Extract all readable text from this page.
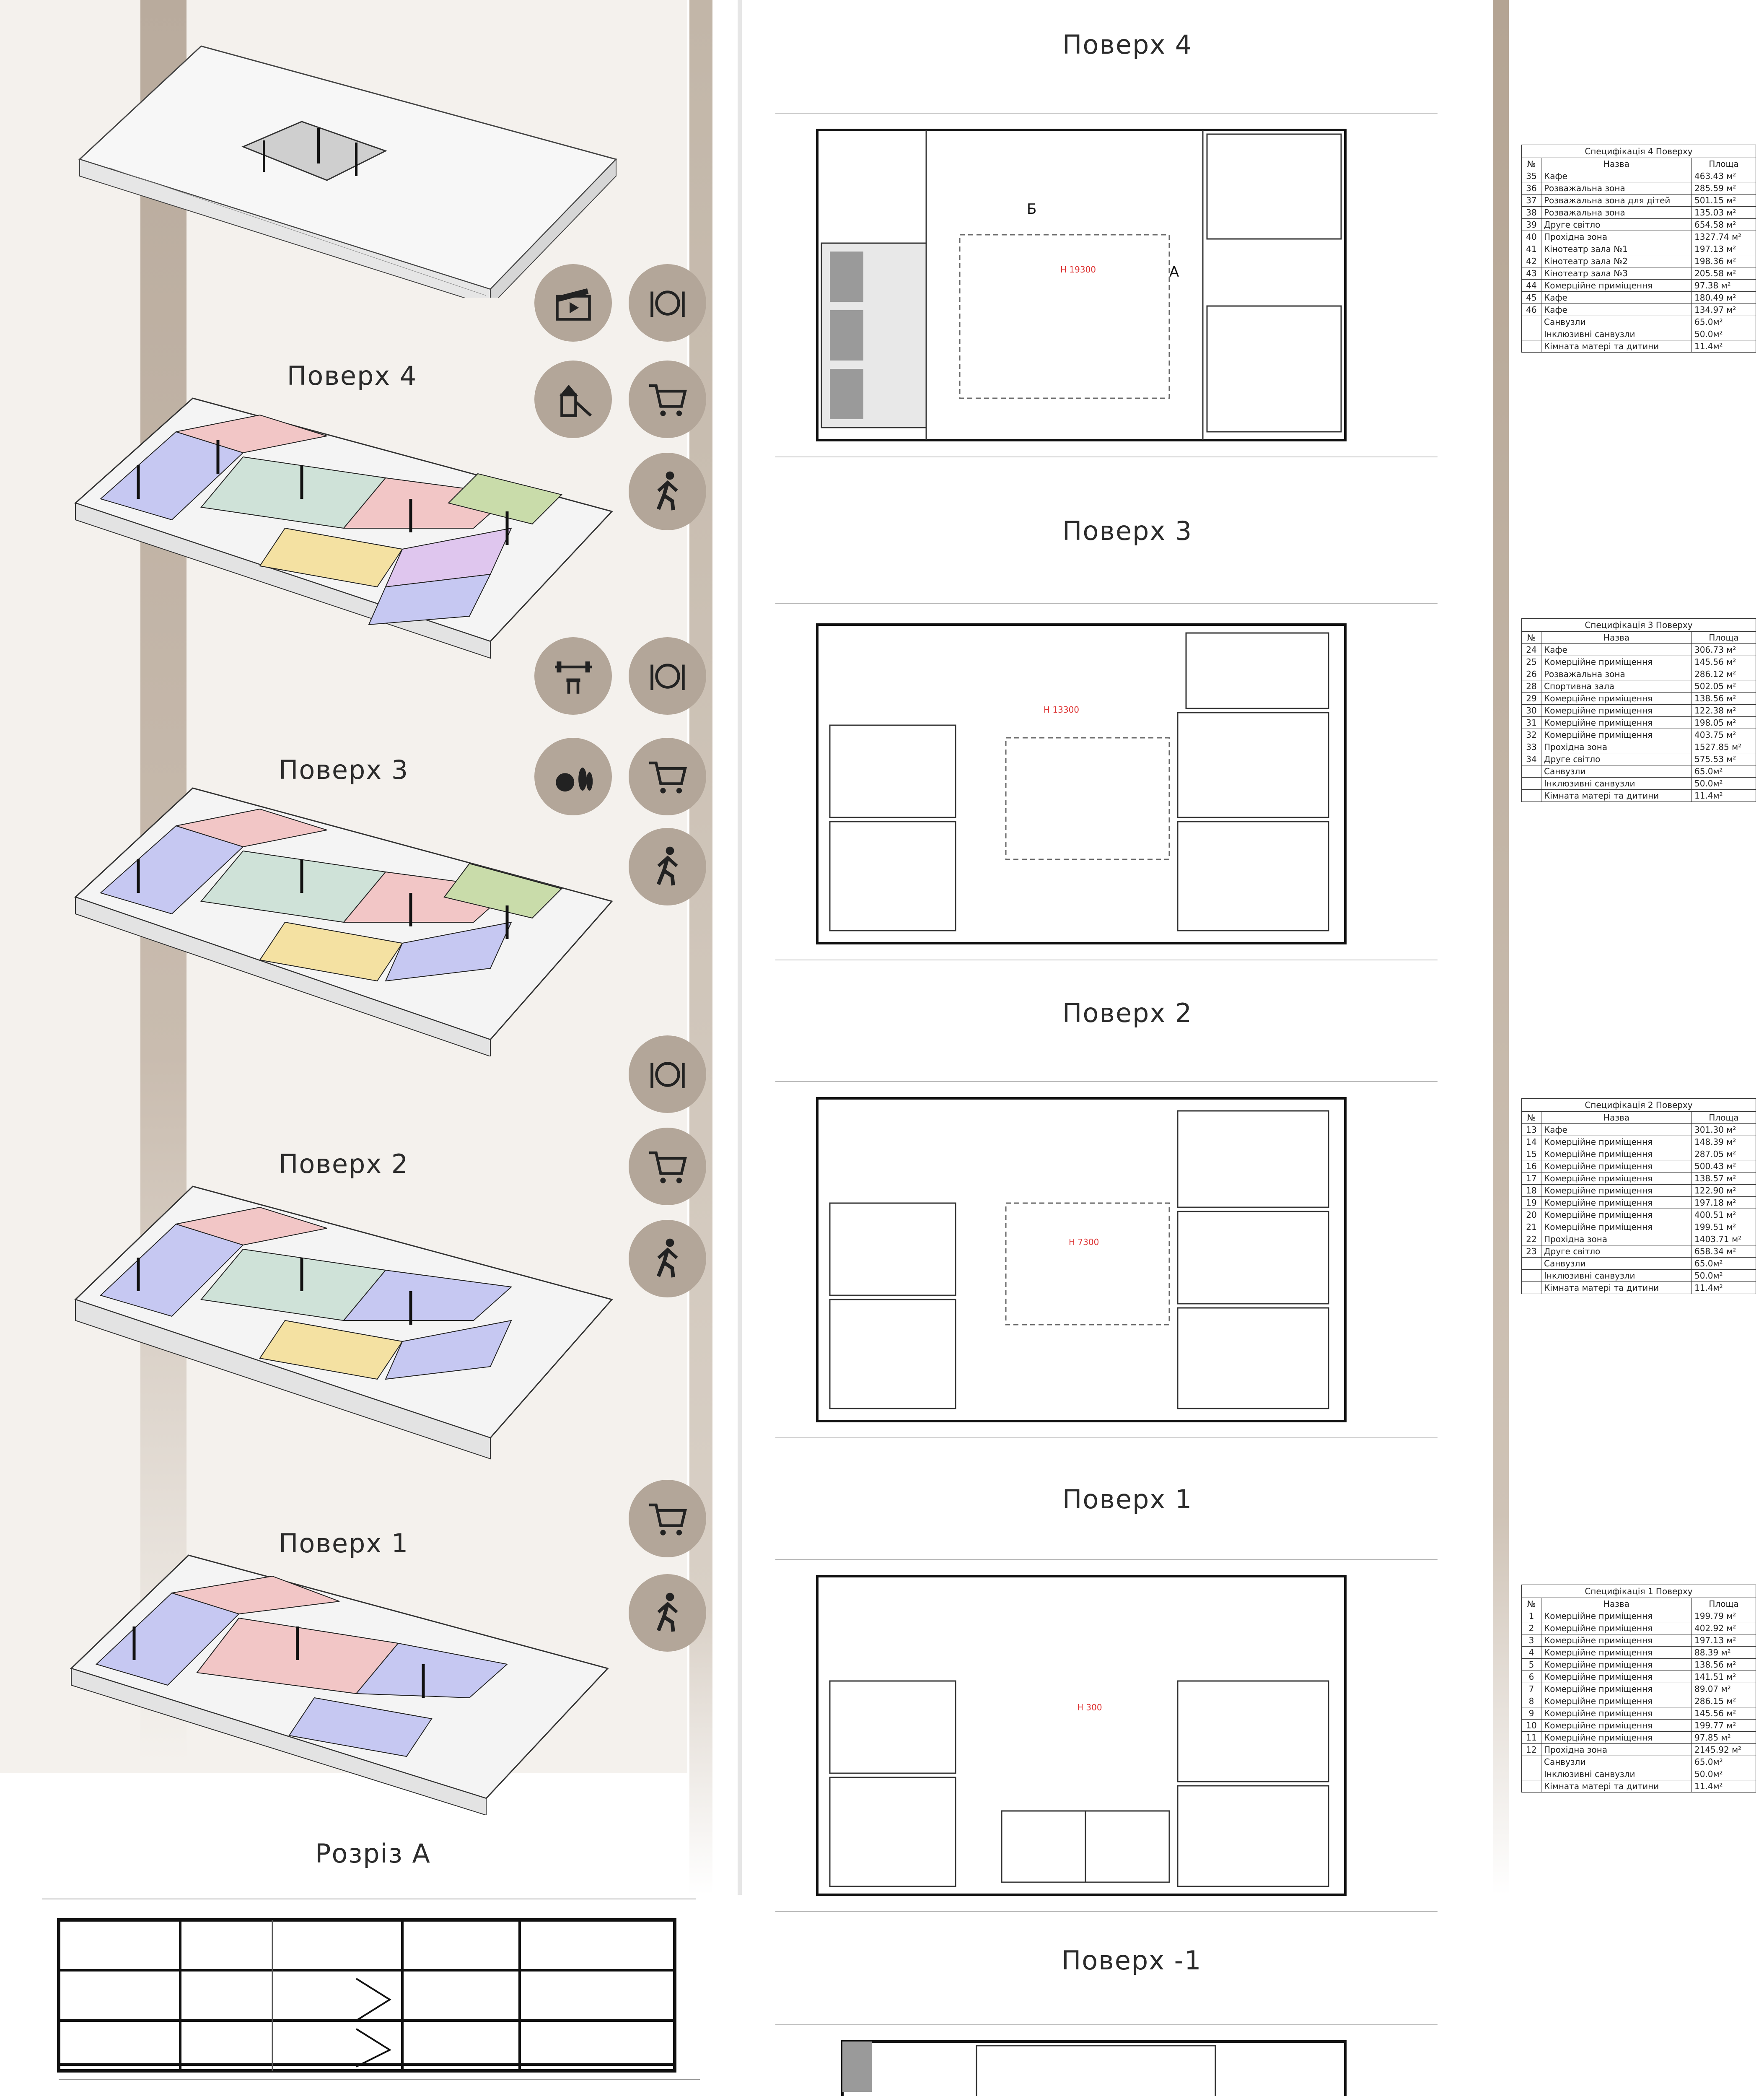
Поверх 4
Поверх 3
Поверх 2
Поверх 1
Розріз А
Поверх 4
Н 19300
Б
А
Специфікація 4 Поверху
№	Назва	Площа
35	Кафе	463.43 м²
36	Розважальна зона	285.59 м²
37	Розважальна зона для дітей	501.15 м²
38	Розважальна зона	135.03 м²
39	Друге світло	654.58 м²
40	Прохідна зона	1327.74 м²
41	Кінотеатр зала №1	197.13 м²
42	Кінотеатр зала №2	198.36 м²
43	Кінотеатр зала №3	205.58 м²
44	Комерційне приміщення	97.38 м²
45	Кафе	180.49 м²
46	Кафе	134.97 м²
	Санвузли	65.0м²
	Інклюзивні санвузли	50.0м²
	Кімната матері та дитини	11.4м²
Поверх 3
Н 13300
Специфікація 3 Поверху
№	Назва	Площа
24	Кафе	306.73 м²
25	Комерційне приміщення	145.56 м²
26	Розважальна зона	286.12 м²
28	Спортивна зала	502.05 м²
29	Комерційне приміщення	138.56 м²
30	Комерційне приміщення	122.38 м²
31	Комерційне приміщення	198.05 м²
32	Комерційне приміщення	403.75 м²
33	Прохідна зона	1527.85 м²
34	Друге світло	575.53 м²
	Санвузли	65.0м²
	Інклюзивні санвузли	50.0м²
	Кімната матері та дитини	11.4м²
Поверх 2
Н 7300
Специфікація 2 Поверху
№	Назва	Площа
13	Кафе	301.30 м²
14	Комерційне приміщення	148.39 м²
15	Комерційне приміщення	287.05 м²
16	Комерційне приміщення	500.43 м²
17	Комерційне приміщення	138.57 м²
18	Комерційне приміщення	122.90 м²
19	Комерційне приміщення	197.18 м²
20	Комерційне приміщення	400.51 м²
21	Комерційне приміщення	199.51 м²
22	Прохідна зона	1403.71 м²
23	Друге світло	658.34 м²
	Санвузли	65.0м²
	Інклюзивні санвузли	50.0м²
	Кімната матері та дитини	11.4м²
Поверх 1
Н 300
Специфікація 1 Поверху
№	Назва	Площа
1	Комерційне приміщення	199.79 м²
2	Комерційне приміщення	402.92 м²
3	Комерційне приміщення	197.13 м²
4	Комерційне приміщення	88.39 м²
5	Комерційне приміщення	138.56 м²
6	Комерційне приміщення	141.51 м²
7	Комерційне приміщення	89.07 м²
8	Комерційне приміщення	286.15 м²
9	Комерційне приміщення	145.56 м²
10	Комерційне приміщення	199.77 м²
11	Комерційне приміщення	97.85 м²
12	Прохідна зона	2145.92 м²
	Санвузли	65.0м²
	Інклюзивні санвузли	50.0м²
	Кімната матері та дитини	11.4м²
Поверх -1
